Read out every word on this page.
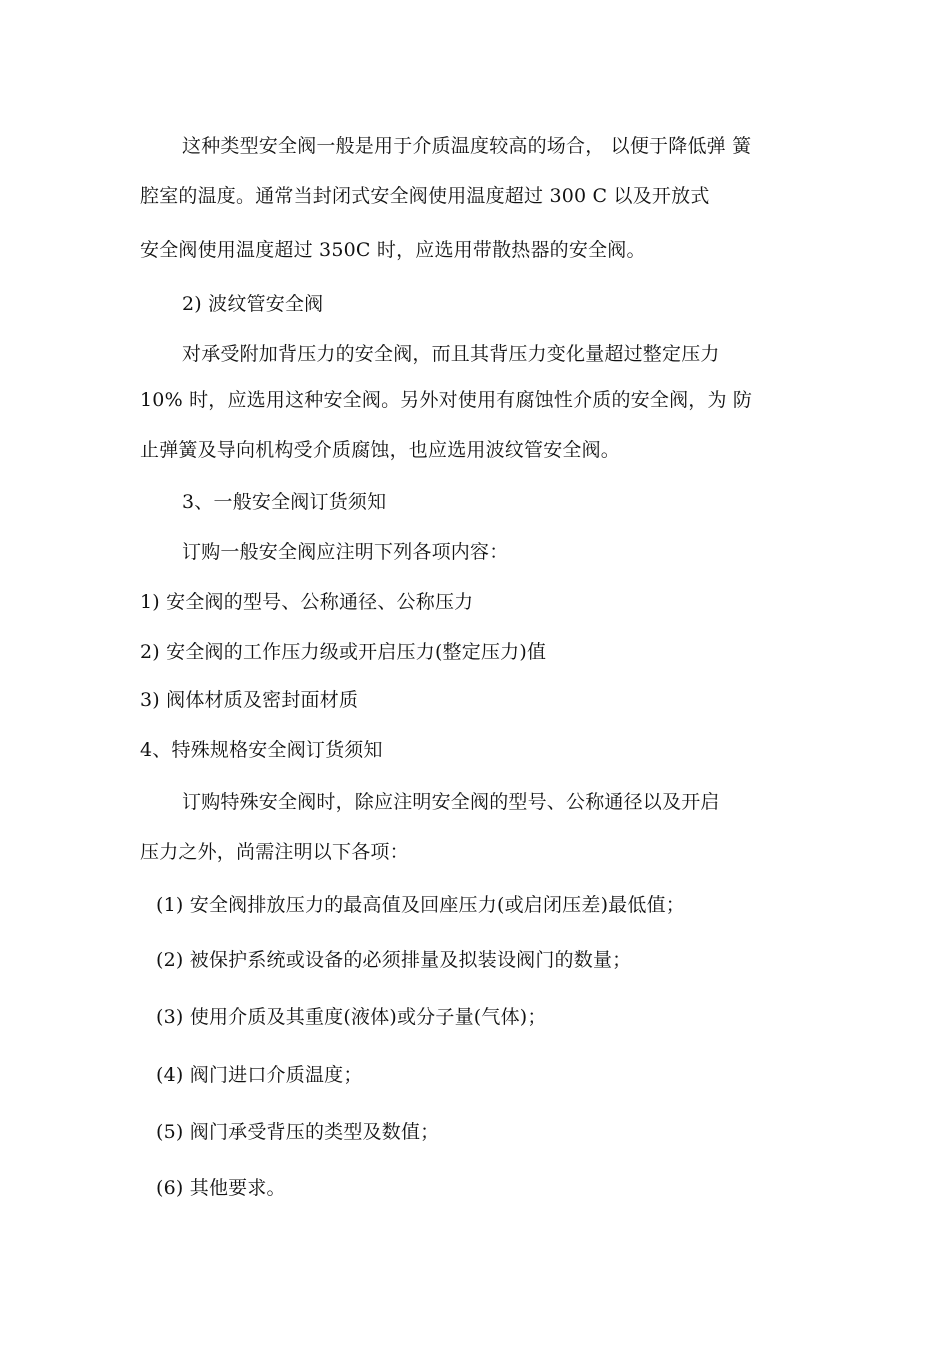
这种类型安全阀一般是用于介质温度较高的场合， 以便于降低弹 簧
腔室的温度。通常当封闭式安全阀使用温度超过 300 C 以及开放式
安全阀使用温度超过 350C 时，应选用带散热器的安全阀。
2) 波纹管安全阀
对承受附加背压力的安全阀，而且其背压力变化量超过整定压力
10% 时，应选用这种安全阀。另外对使用有腐蚀性介质的安全阀，为 防
止弹簧及导向机构受介质腐蚀，也应选用波纹管安全阀。
3、一般安全阀订货须知
订购一般安全阀应注明下列各项内容：
1) 安全阀的型号、公称通径、公称压力
2) 安全阀的工作压力级或开启压力(整定压力)值
3) 阀体材质及密封面材质
4、特殊规格安全阀订货须知
订购特殊安全阀时，除应注明安全阀的型号、公称通径以及开启
压力之外，尚需注明以下各项：
(1) 安全阀排放压力的最高值及回座压力(或启闭压差)最低值；
(2) 被保护系统或设备的必须排量及拟装设阀门的数量；
(3) 使用介质及其重度(液体)或分子量(气体)；
(4) 阀门进口介质温度；
(5) 阀门承受背压的类型及数值；
(6) 其他要求。
